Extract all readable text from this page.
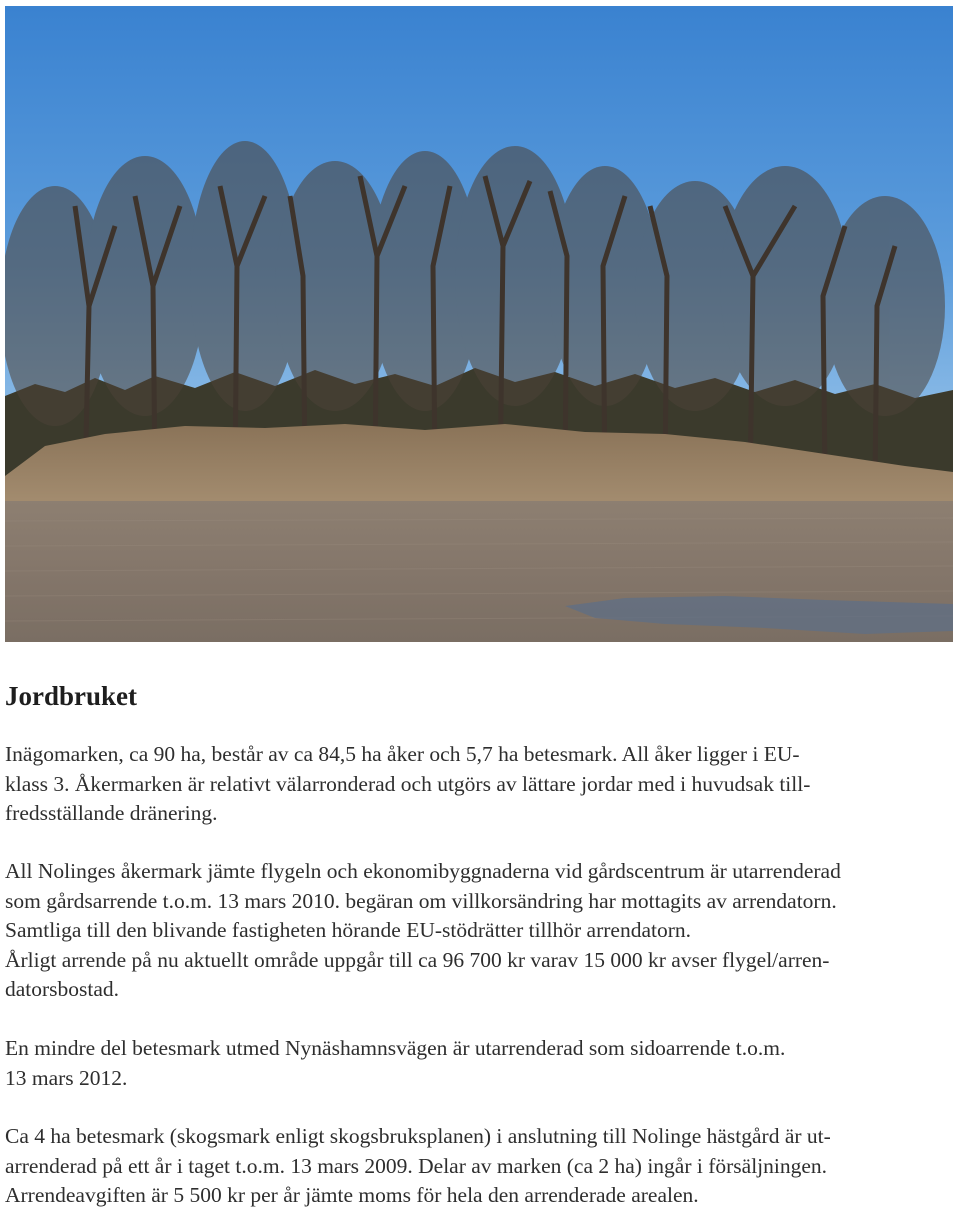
Jordbruket

Inägomarken, ca 90 ha, består av ca 84,5 ha åker och 5,7 ha betesmark. All åker ligger i EU-
klass 3. Åkermarken är relativt välarronderad och utgörs av lättare jordar med i huvudsak till-
fredsställande dränering.

All Nolinges åkermark jämte flygeln och ekonomibyggnaderna vid gårdscentrum är utarrenderad
som gårdsarrende t.o.m. 13 mars 2010. begäran om villkorsändring har mottagits av arrendatorn.
Samtliga till den blivande fastigheten hörande EU-stödrätter tillhör arrendatorn.
Årligt arrende på nu aktuellt område uppgår till ca 96 700 kr varav 15 000 kr avser flygel/arren-
datorsbostad.

En mindre del betesmark utmed Nynäshamnsvägen är utarrenderad som sidoarrende t.o.m.
13 mars 2012.

Ca 4 ha betesmark (skogsmark enligt skogsbruksplanen) i anslutning till Nolinge hästgård är ut-
arrenderad på ett år i taget t.o.m. 13 mars 2009. Delar av marken (ca 2 ha) ingår i försäljningen.
Arrendeavgiften är 5 500 kr per år jämte moms för hela den arrenderade arealen.
